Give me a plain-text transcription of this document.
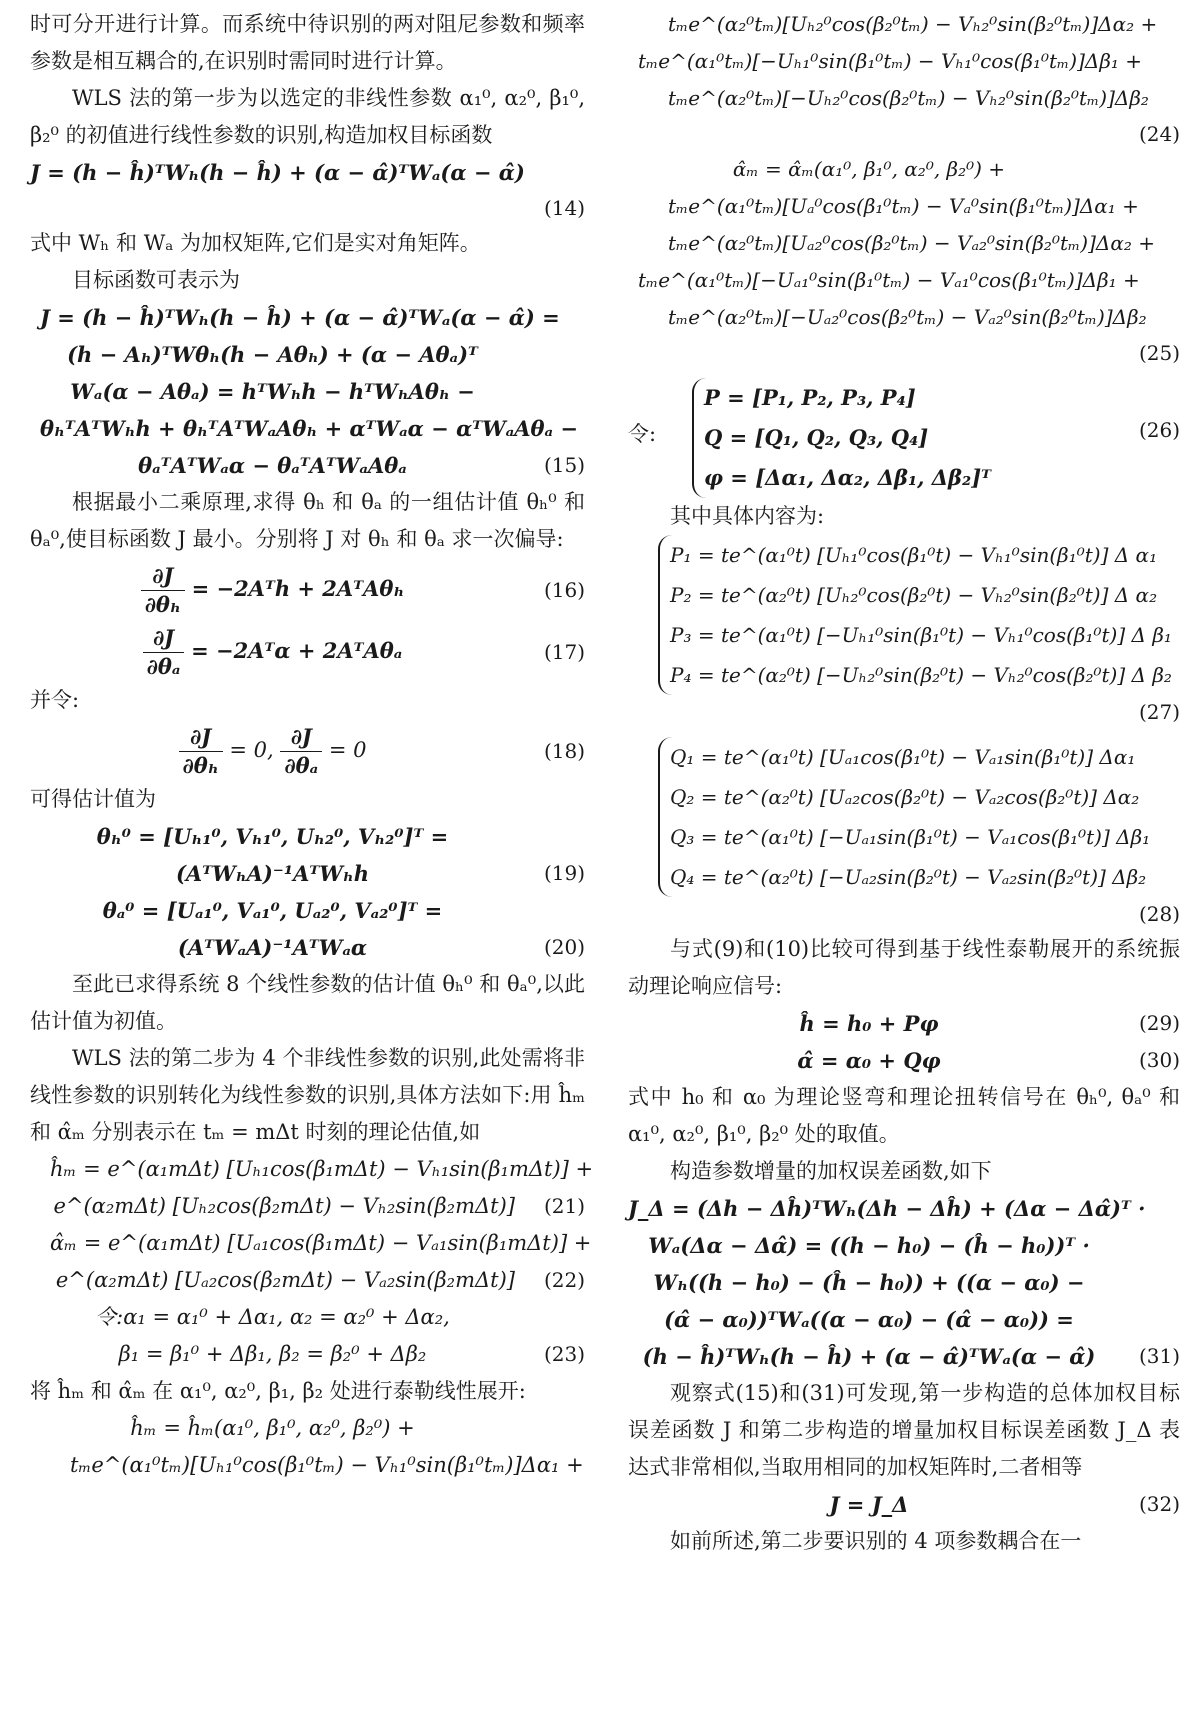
时可分开进行计算。而系统中待识别的两对阻尼参数和频率参数是相互耦合的,在识别时需同时进行计算。

WLS 法的第一步为以选定的非线性参数 α₁⁰, α₂⁰, β₁⁰, β₂⁰ 的初值进行线性参数的识别,构造加权目标函数

J = (h − ĥ)ᵀWₕ(h − ĥ) + (α − α̂)ᵀWₐ(α − α̂)
(14)

式中 Wₕ 和 Wₐ 为加权矩阵,它们是实对角矩阵。

目标函数可表示为

J = (h − ĥ)ᵀWₕ(h − ĥ) + (α − α̂)ᵀWₐ(α − α̂) =
(h − Aₕ)ᵀWθₕ(h − Aθₕ) + (α − Aθₐ)ᵀ
Wₐ(α − Aθₐ) = hᵀWₕh − hᵀWₕAθₕ −
θₕᵀAᵀWₕh + θₕᵀAᵀWₐAθₕ + αᵀWₐα − αᵀWₐAθₐ −
θₐᵀAᵀWₐα − θₐᵀAᵀWₐAθₐ	(15)

根据最小二乘原理,求得 θₕ 和 θₐ 的一组估计值 θₕ⁰ 和 θₐ⁰,使目标函数 J 最小。分别将 J 对 θₕ 和 θₐ 求一次偏导:

$\frac{\partial J}{\text{∂θₕ}}$ = −2Aᵀh + 2AᵀAθₕ	(16)
$\frac{\partial J}{\text{∂θₐ}}$ = −2Aᵀα + 2AᵀAθₐ	(17)

并令:

$\frac{\partial J}{\text{∂θₕ}} = 0$, $\frac{\partial J}{\text{∂θₐ}} = 0$	(18)

可得估计值为

θₕ⁰ = [Uₕ₁⁰, Vₕ₁⁰, Uₕ₂⁰, Vₕ₂⁰]ᵀ =
(AᵀWₕA)⁻¹AᵀWₕh	(19)
θₐ⁰ = [Uₐ₁⁰, Vₐ₁⁰, Uₐ₂⁰, Vₐ₂⁰]ᵀ =
(AᵀWₐA)⁻¹AᵀWₐα	(20)

至此已求得系统 8 个线性参数的估计值 θₕ⁰ 和 θₐ⁰,以此估计值为初值。

WLS 法的第二步为 4 个非线性参数的识别,此处需将非线性参数的识别转化为线性参数的识别,具体方法如下:用 ĥₘ 和 α̂ₘ 分别表示在 tₘ = mΔt 时刻的理论估值,如

ĥₘ = e^(α₁mΔt) [Uₕ₁cos(β₁mΔt) − Vₕ₁sin(β₁mΔt)] +
e^(α₂mΔt) [Uₕ₂cos(β₂mΔt) − Vₕ₂sin(β₂mΔt)] (21)
α̂ₘ = e^(α₁mΔt) [Uₐ₁cos(β₁mΔt) − Vₐ₁sin(β₁mΔt)] +
e^(α₂mΔt) [Uₐ₂cos(β₂mΔt) − Vₐ₂sin(β₂mΔt)] (22)
令:α₁ = α₁⁰ + Δα₁, α₂ = α₂⁰ + Δα₂,
β₁ = β₁⁰ + Δβ₁, β₂ = β₂⁰ + Δβ₂	(23)

将 ĥₘ 和 α̂ₘ 在 α₁⁰, α₂⁰, β₁, β₂ 处进行泰勒线性展开:

ĥₘ = ĥₘ(α₁⁰, β₁⁰, α₂⁰, β₂⁰) +
tₘe^(α₁⁰tₘ)[Uₕ₁⁰cos(β₁⁰tₘ) − Vₕ₁⁰sin(β₁⁰tₘ)]Δα₁ +
tₘe^(α₂⁰tₘ)[Uₕ₂⁰cos(β₂⁰tₘ) − Vₕ₂⁰sin(β₂⁰tₘ)]Δα₂ +
tₘe^(α₁⁰tₘ)[−Uₕ₁⁰sin(β₁⁰tₘ) − Vₕ₁⁰cos(β₁⁰tₘ)]Δβ₁ +
tₘe^(α₂⁰tₘ)[−Uₕ₂⁰cos(β₂⁰tₘ) − Vₕ₂⁰sin(β₂⁰tₘ)]Δβ₂
(24)
α̂ₘ = α̂ₘ(α₁⁰, β₁⁰, α₂⁰, β₂⁰) +
tₘe^(α₁⁰tₘ)[Uₐ⁰cos(β₁⁰tₘ) − Vₐ⁰sin(β₁⁰tₘ)]Δα₁ +
tₘe^(α₂⁰tₘ)[Uₐ₂⁰cos(β₂⁰tₘ) − Vₐ₂⁰sin(β₂⁰tₘ)]Δα₂ +
tₘe^(α₁⁰tₘ)[−Uₐ₁⁰sin(β₁⁰tₘ) − Vₐ₁⁰cos(β₁⁰tₘ)]Δβ₁ +
tₘe^(α₂⁰tₘ)[−Uₐ₂⁰cos(β₂⁰tₘ) − Vₐ₂⁰sin(β₂⁰tₘ)]Δβ₂
(25)
令:
P = [P₁, P₂, P₃, P₄]
Q = [Q₁, Q₂, Q₃, Q₄]
φ = [Δα₁, Δα₂, Δβ₁, Δβ₂]ᵀ
(26)

其中具体内容为:

P₁ = te^(α₁⁰t) [Uₕ₁⁰cos(β₁⁰t) − Vₕ₁⁰sin(β₁⁰t)] Δ α₁
P₂ = te^(α₂⁰t) [Uₕ₂⁰cos(β₂⁰t) − Vₕ₂⁰sin(β₂⁰t)] Δ α₂
P₃ = te^(α₁⁰t) [−Uₕ₁⁰sin(β₁⁰t) − Vₕ₁⁰cos(β₁⁰t)] Δ β₁
P₄ = te^(α₂⁰t) [−Uₕ₂⁰sin(β₂⁰t) − Vₕ₂⁰cos(β₂⁰t)] Δ β₂
(27)
Q₁ = te^(α₁⁰t) [Uₐ₁cos(β₁⁰t) − Vₐ₁sin(β₁⁰t)] Δα₁
Q₂ = te^(α₂⁰t) [Uₐ₂cos(β₂⁰t) − Vₐ₂cos(β₂⁰t)] Δα₂
Q₃ = te^(α₁⁰t) [−Uₐ₁sin(β₁⁰t) − Vₐ₁cos(β₁⁰t)] Δβ₁
Q₄ = te^(α₂⁰t) [−Uₐ₂sin(β₂⁰t) − Vₐ₂sin(β₂⁰t)] Δβ₂
(28)

与式(9)和(10)比较可得到基于线性泰勒展开的系统振动理论响应信号:

ĥ = h₀ + Pφ	(29)
α̂ = α₀ + Qφ	(30)

式中 h₀ 和 α₀ 为理论竖弯和理论扭转信号在 θₕ⁰, θₐ⁰ 和 α₁⁰, α₂⁰, β₁⁰, β₂⁰ 处的取值。

构造参数增量的加权误差函数,如下

J_Δ = (Δh − Δĥ)ᵀWₕ(Δh − Δĥ) + (Δα − Δα̂)ᵀ ·
Wₐ(Δα − Δα̂) = ((h − h₀) − (ĥ − h₀))ᵀ ·
Wₕ((h − h₀) − (ĥ − h₀)) + ((α − α₀) −
(α̂ − α₀))ᵀWₐ((α − α₀) − (α̂ − α₀)) =
(h − ĥ)ᵀWₕ(h − ĥ) + (α − α̂)ᵀWₐ(α − α̂) (31)

观察式(15)和(31)可发现,第一步构造的总体加权目标误差函数 J 和第二步构造的增量加权目标误差函数 J_Δ 表达式非常相似,当取用相同的加权矩阵时,二者相等

J = J_Δ	(32)

如前所述,第二步要识别的 4 项参数耦合在一
